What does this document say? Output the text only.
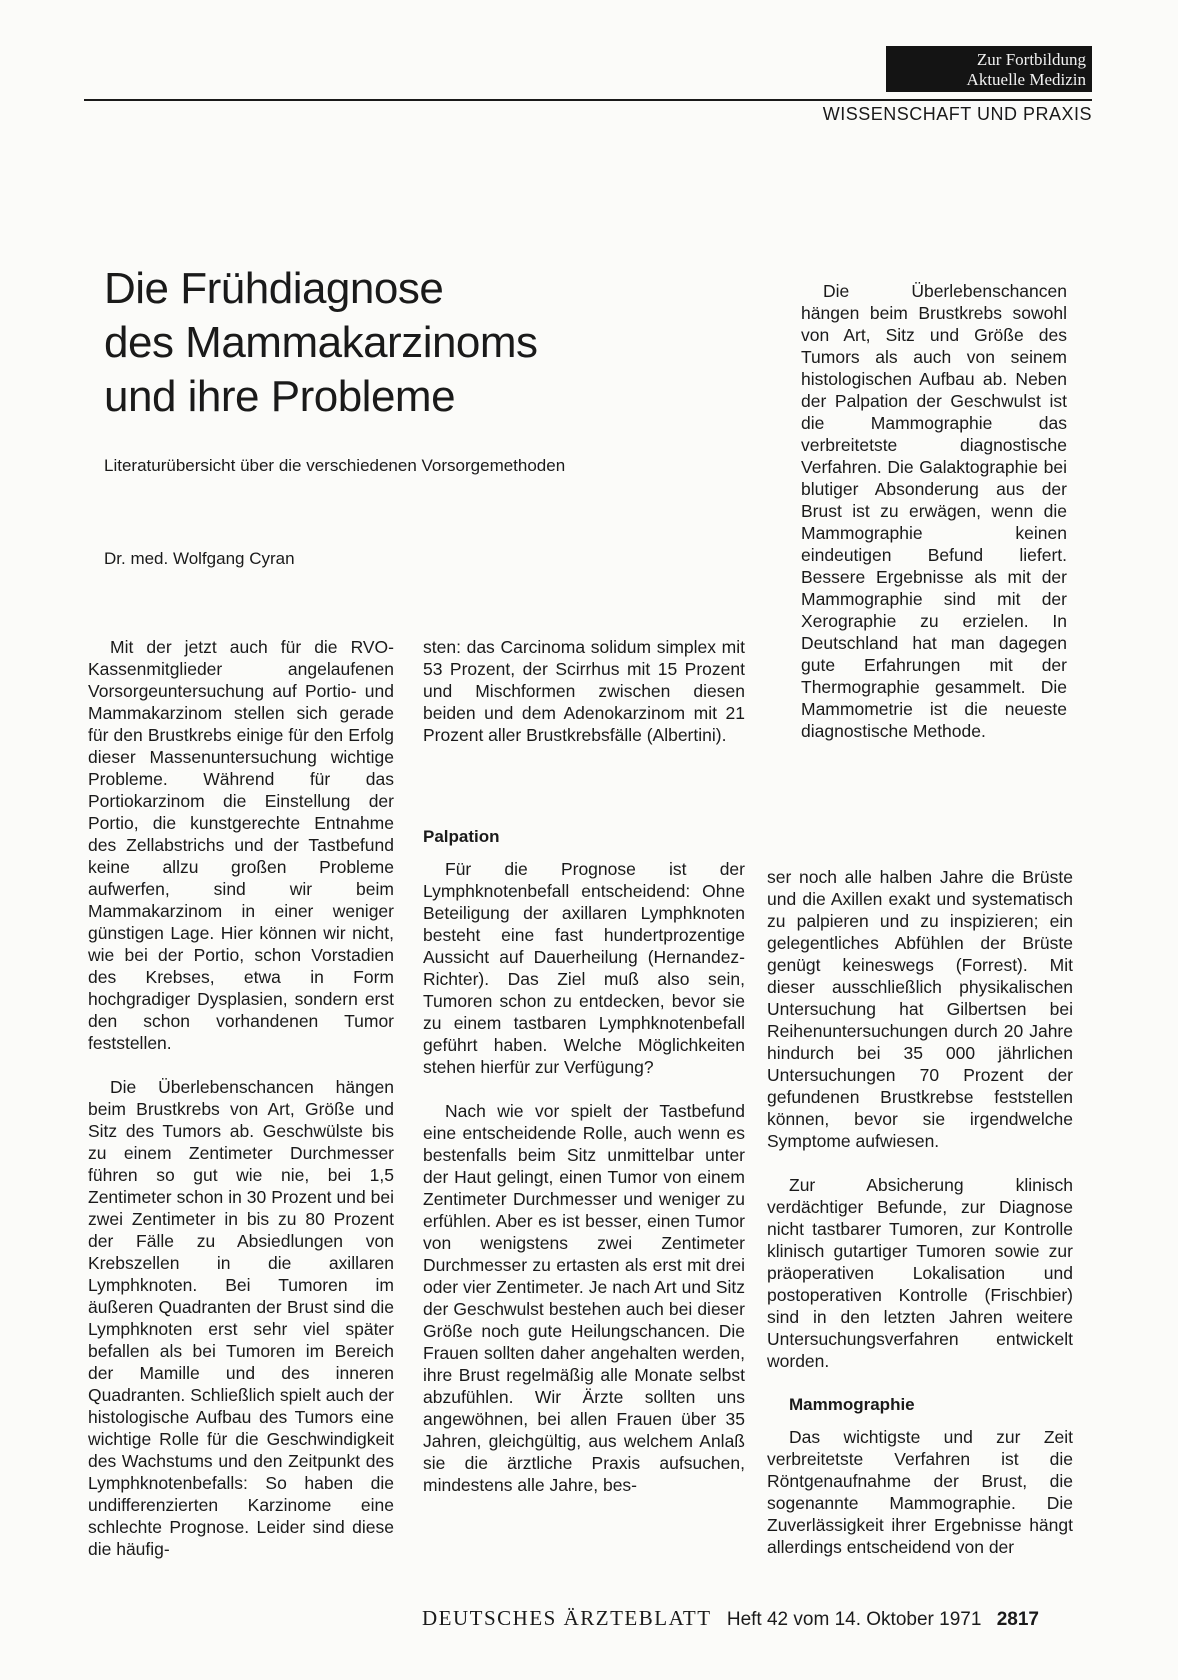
Zur Fortbildung
Aktuelle Medizin
WISSENSCHAFT UND PRAXIS
Die Frühdiagnose
des Mammakarzinoms
und ihre Probleme
Literaturübersicht über die verschiedenen Vorsorgemethoden
Dr. med. Wolfgang Cyran

Mit der jetzt auch für die RVO-Kassenmitglieder angelaufenen Vorsorgeuntersuchung auf Portio- und Mammakarzinom stellen sich gerade für den Brustkrebs einige für den Erfolg dieser Massenuntersuchung wichtige Probleme. Während für das Portiokarzinom die Einstellung der Portio, die kunstgerechte Entnahme des Zellabstrichs und der Tastbefund keine allzu großen Probleme aufwerfen, sind wir beim Mammakarzinom in einer weniger günstigen Lage. Hier können wir nicht, wie bei der Portio, schon Vorstadien des Krebses, etwa in Form hochgradiger Dysplasien, sondern erst den schon vorhandenen Tumor feststellen.

Die Überlebenschancen hängen beim Brustkrebs von Art, Größe und Sitz des Tumors ab. Geschwülste bis zu einem Zentimeter Durchmesser führen so gut wie nie, bei 1,5 Zentimeter schon in 30 Prozent und bei zwei Zentimeter in bis zu 80 Prozent der Fälle zu Absiedlungen von Krebszellen in die axillaren Lymphknoten. Bei Tumoren im äußeren Quadranten der Brust sind die Lymphknoten erst sehr viel später befallen als bei Tumoren im Bereich der Mamille und des inneren Quadranten. Schließlich spielt auch der histologische Aufbau des Tumors eine wichtige Rolle für die Geschwindigkeit des Wachstums und den Zeitpunkt des Lymphknotenbefalls: So haben die undifferenzierten Karzinome eine schlechte Prognose. Leider sind diese die häufig-

sten: das Carcinoma solidum simplex mit 53 Prozent, der Scirrhus mit 15 Prozent und Mischformen zwischen diesen beiden und dem Adenokarzinom mit 21 Prozent aller Brustkrebsfälle (Albertini).

Palpation

Für die Prognose ist der Lymphknotenbefall entscheidend: Ohne Beteiligung der axillaren Lymphknoten besteht eine fast hundertprozentige Aussicht auf Dauerheilung (Hernandez-Richter). Das Ziel muß also sein, Tumoren schon zu entdecken, bevor sie zu einem tastbaren Lymphknotenbefall geführt haben. Welche Möglichkeiten stehen hierfür zur Verfügung?

Nach wie vor spielt der Tastbefund eine entscheidende Rolle, auch wenn es bestenfalls beim Sitz unmittelbar unter der Haut gelingt, einen Tumor von einem Zentimeter Durchmesser und weniger zu erfühlen. Aber es ist besser, einen Tumor von wenigstens zwei Zentimeter Durchmesser zu ertasten als erst mit drei oder vier Zentimeter. Je nach Art und Sitz der Geschwulst bestehen auch bei dieser Größe noch gute Heilungschancen. Die Frauen sollten daher angehalten werden, ihre Brust regelmäßig alle Monate selbst abzufühlen. Wir Ärzte sollten uns angewöhnen, bei allen Frauen über 35 Jahren, gleichgültig, aus welchem Anlaß sie die ärztliche Praxis aufsuchen, mindestens alle Jahre, bes-

Die Überlebenschancen hängen beim Brustkrebs sowohl von Art, Sitz und Größe des Tumors als auch von seinem histologischen Aufbau ab. Neben der Palpation der Geschwulst ist die Mammographie das verbreitetste diagnostische Verfahren. Die Galaktographie bei blutiger Absonderung aus der Brust ist zu erwägen, wenn die Mammographie keinen eindeutigen Befund liefert. Bessere Ergebnisse als mit der Mammographie sind mit der Xerographie zu erzielen. In Deutschland hat man dagegen gute Erfahrungen mit der Thermographie gesammelt. Die Mammometrie ist die neueste diagnostische Methode.

ser noch alle halben Jahre die Brüste und die Axillen exakt und systematisch zu palpieren und zu inspizieren; ein gelegentliches Abfühlen der Brüste genügt keineswegs (Forrest). Mit dieser ausschließlich physikalischen Untersuchung hat Gilbertsen bei Reihenuntersuchungen durch 20 Jahre hindurch bei 35 000 jährlichen Untersuchungen 70 Prozent der gefundenen Brustkrebse feststellen können, bevor sie irgendwelche Symptome aufwiesen.

Zur Absicherung klinisch verdächtiger Befunde, zur Diagnose nicht tastbarer Tumoren, zur Kontrolle klinisch gutartiger Tumoren sowie zur präoperativen Lokalisation und postoperativen Kontrolle (Frischbier) sind in den letzten Jahren weitere Untersuchungsverfahren entwickelt worden.

Mammographie

Das wichtigste und zur Zeit verbreitetste Verfahren ist die Röntgenaufnahme der Brust, die sogenannte Mammographie. Die Zuverlässigkeit ihrer Ergebnisse hängt allerdings entscheidend von der

DEUTSCHES ÄRZTEBLATT Heft 42 vom 14. Oktober 1971 2817
